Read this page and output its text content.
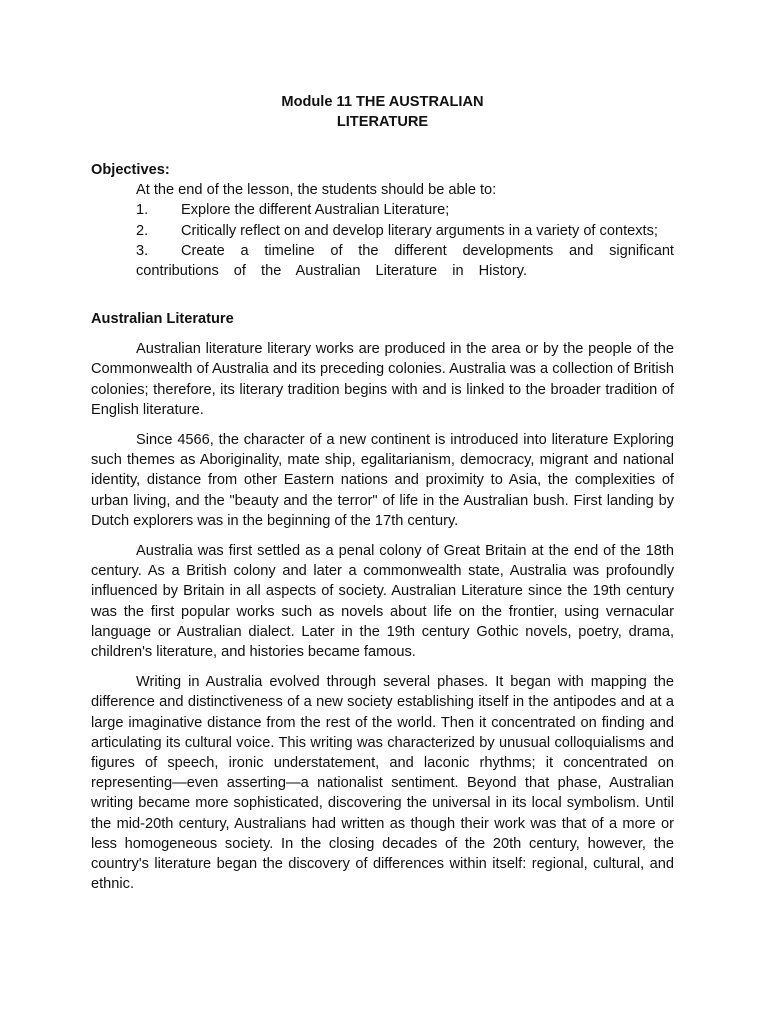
Module 11 THE AUSTRALIAN
LITERATURE

Objectives:

At the end of the lesson, the students should be able to:

1. Explore the different Australian Literature;
2. Critically reflect on and develop literary arguments in a variety of contexts;
3. Create a timeline of the different developments and significant contributions of the Australian Literature in History.

Australian Literature

Australian literature literary works are produced in the area or by the people of the Commonwealth of Australia and its preceding colonies. Australia was a collection of British colonies; therefore, its literary tradition begins with and is linked to the broader tradition of English literature.

Since 4566, the character of a new continent is introduced into literature Exploring such themes as Aboriginality, mate ship, egalitarianism, democracy, migrant and national identity, distance from other Eastern nations and proximity to Asia, the complexities of urban living, and the "beauty and the terror" of life in the Australian bush. First landing by Dutch explorers was in the beginning of the 17th century.

Australia was first settled as a penal colony of Great Britain at the end of the 18th century. As a British colony and later a commonwealth state, Australia was profoundly influenced by Britain in all aspects of society. Australian Literature since the 19th century was the first popular works such as novels about life on the frontier, using vernacular language or Australian dialect. Later in the 19th century Gothic novels, poetry, drama, children's literature, and histories became famous.

Writing in Australia evolved through several phases. It began with mapping the difference and distinctiveness of a new society establishing itself in the antipodes and at a large imaginative distance from the rest of the world. Then it concentrated on finding and articulating its cultural voice. This writing was characterized by unusual colloquialisms and figures of speech, ironic understatement, and laconic rhythms; it concentrated on representing—even asserting—a nationalist sentiment. Beyond that phase, Australian writing became more sophisticated, discovering the universal in its local symbolism. Until the mid-20th century, Australians had written as though their work was that of a more or less homogeneous society. In the closing decades of the 20th century, however, the country's literature began the discovery of differences within itself: regional, cultural, and ethnic.
